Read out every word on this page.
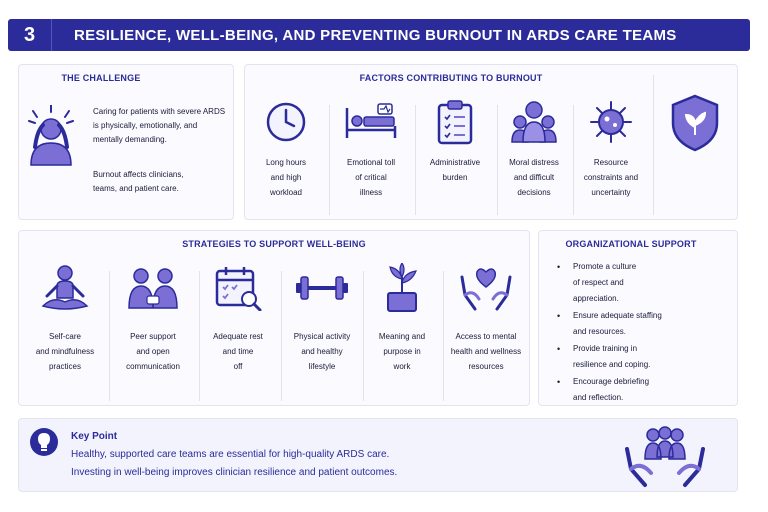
3	RESILIENCE, WELL-BEING, AND PREVENTING BURNOUT IN ARDS CARE TEAMS
THE CHALLENGE
Caring for patients with severe ARDS
is physically, emotionally, and
mentally demanding.
Burnout affects clinicians,
teams, and patient care.
FACTORS CONTRIBUTING TO BURNOUT
Long hours
and high
workload
Emotional toll
of critical
illness
Administrative
burden
Moral distress
and difficult
decisions
Resource
constraints and
uncertainty
STRATEGIES TO SUPPORT WELL-BEING
Self-care
and mindfulness
practices
Peer support
and open
communication
Adequate rest
and time
off
Physical activity
and healthy
lifestyle
Meaning and
purpose in
work
Access to mental
health and wellness
resources
ORGANIZATIONAL SUPPORT
• Promote a culture
of respect and
appreciation.
• Ensure adequate staffing
and resources.
• Provide training in
resilience and coping.
• Encourage debriefing
and reflection.
Key Point
Healthy, supported care teams are essential for high-quality ARDS care.
Investing in well-being improves clinician resilience and patient outcomes.
